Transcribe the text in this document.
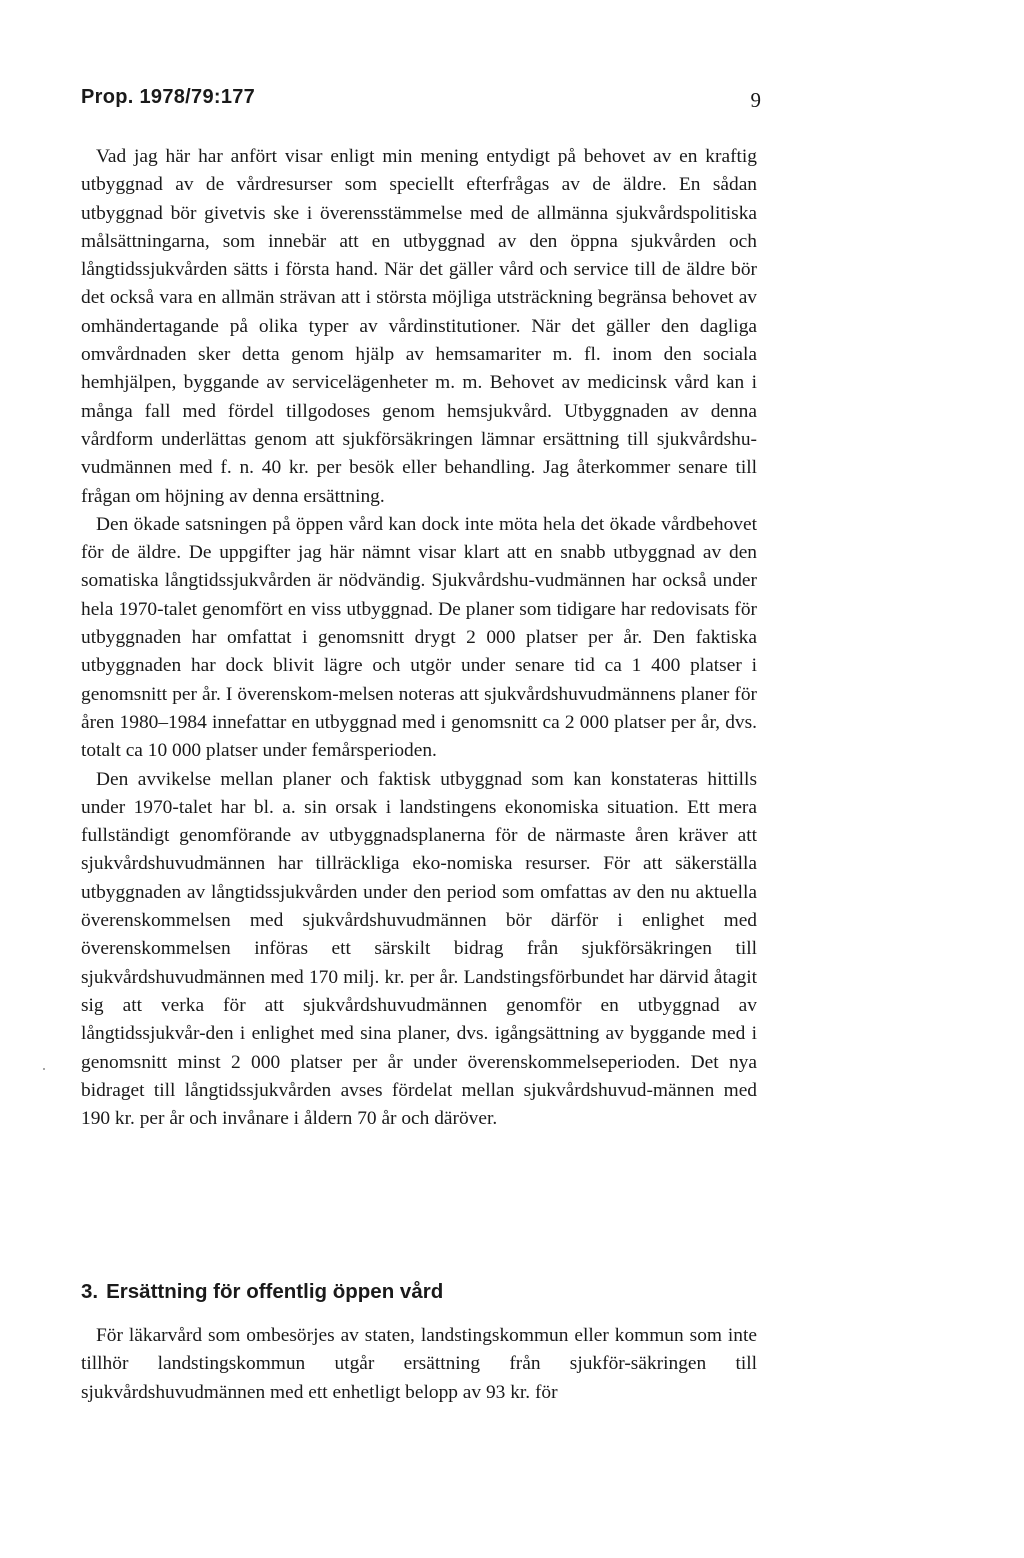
Prop. 1978/79:177	9

Vad jag här har anfört visar enligt min mening entydigt på behovet av en kraftig utbyggnad av de vårdresurser som speciellt efterfrågas av de äldre. En sådan utbyggnad bör givetvis ske i överensstämmelse med de allmänna sjukvårdspolitiska målsättningarna, som innebär att en utbyggnad av den öppna sjukvården och långtidssjukvården sätts i första hand. När det gäller vård och service till de äldre bör det också vara en allmän strävan att i största möjliga utsträckning begränsa behovet av omhändertagande på olika typer av vårdinstitutioner. När det gäller den dagliga omvårdnaden sker detta genom hjälp av hemsamariter m. fl. inom den sociala hemhjälpen, byggande av servicelägenheter m. m. Behovet av medicinsk vård kan i många fall med fördel tillgodoses genom hemsjukvård. Utbyggnaden av denna vårdform underlättas genom att sjukförsäkringen lämnar ersättning till sjukvårdshu-vudmännen med f. n. 40 kr. per besök eller behandling. Jag återkommer senare till frågan om höjning av denna ersättning.

Den ökade satsningen på öppen vård kan dock inte möta hela det ökade vårdbehovet för de äldre. De uppgifter jag här nämnt visar klart att en snabb utbyggnad av den somatiska långtidssjukvården är nödvändig. Sjukvårdshu-vudmännen har också under hela 1970-talet genomfört en viss utbyggnad. De planer som tidigare har redovisats för utbyggnaden har omfattat i genomsnitt drygt 2 000 platser per år. Den faktiska utbyggnaden har dock blivit lägre och utgör under senare tid ca 1 400 platser i genomsnitt per år. I överenskom-melsen noteras att sjukvårdshuvudmännens planer för åren 1980–1984 innefattar en utbyggnad med i genomsnitt ca 2 000 platser per år, dvs. totalt ca 10 000 platser under femårsperioden.

Den avvikelse mellan planer och faktisk utbyggnad som kan konstateras hittills under 1970-talet har bl. a. sin orsak i landstingens ekonomiska situation. Ett mera fullständigt genomförande av utbyggnadsplanerna för de närmaste åren kräver att sjukvårdshuvudmännen har tillräckliga eko-nomiska resurser. För att säkerställa utbyggnaden av långtidssjukvården under den period som omfattas av den nu aktuella överenskommelsen med sjukvårdshuvudmännen bör därför i enlighet med överenskommelsen införas ett särskilt bidrag från sjukförsäkringen till sjukvårdshuvudmännen med 170 milj. kr. per år. Landstingsförbundet har därvid åtagit sig att verka för att sjukvårdshuvudmännen genomför en utbyggnad av långtidssjukvår-den i enlighet med sina planer, dvs. igångsättning av byggande med i genomsnitt minst 2 000 platser per år under överenskommelseperioden. Det nya bidraget till långtidssjukvården avses fördelat mellan sjukvårdshuvud-männen med 190 kr. per år och invånare i åldern 70 år och däröver.

3. Ersättning för offentlig öppen vård

För läkarvård som ombesörjes av staten, landstingskommun eller kommun som inte tillhör landstingskommun utgår ersättning från sjukför-säkringen till sjukvårdshuvudmännen med ett enhetligt belopp av 93 kr. för
